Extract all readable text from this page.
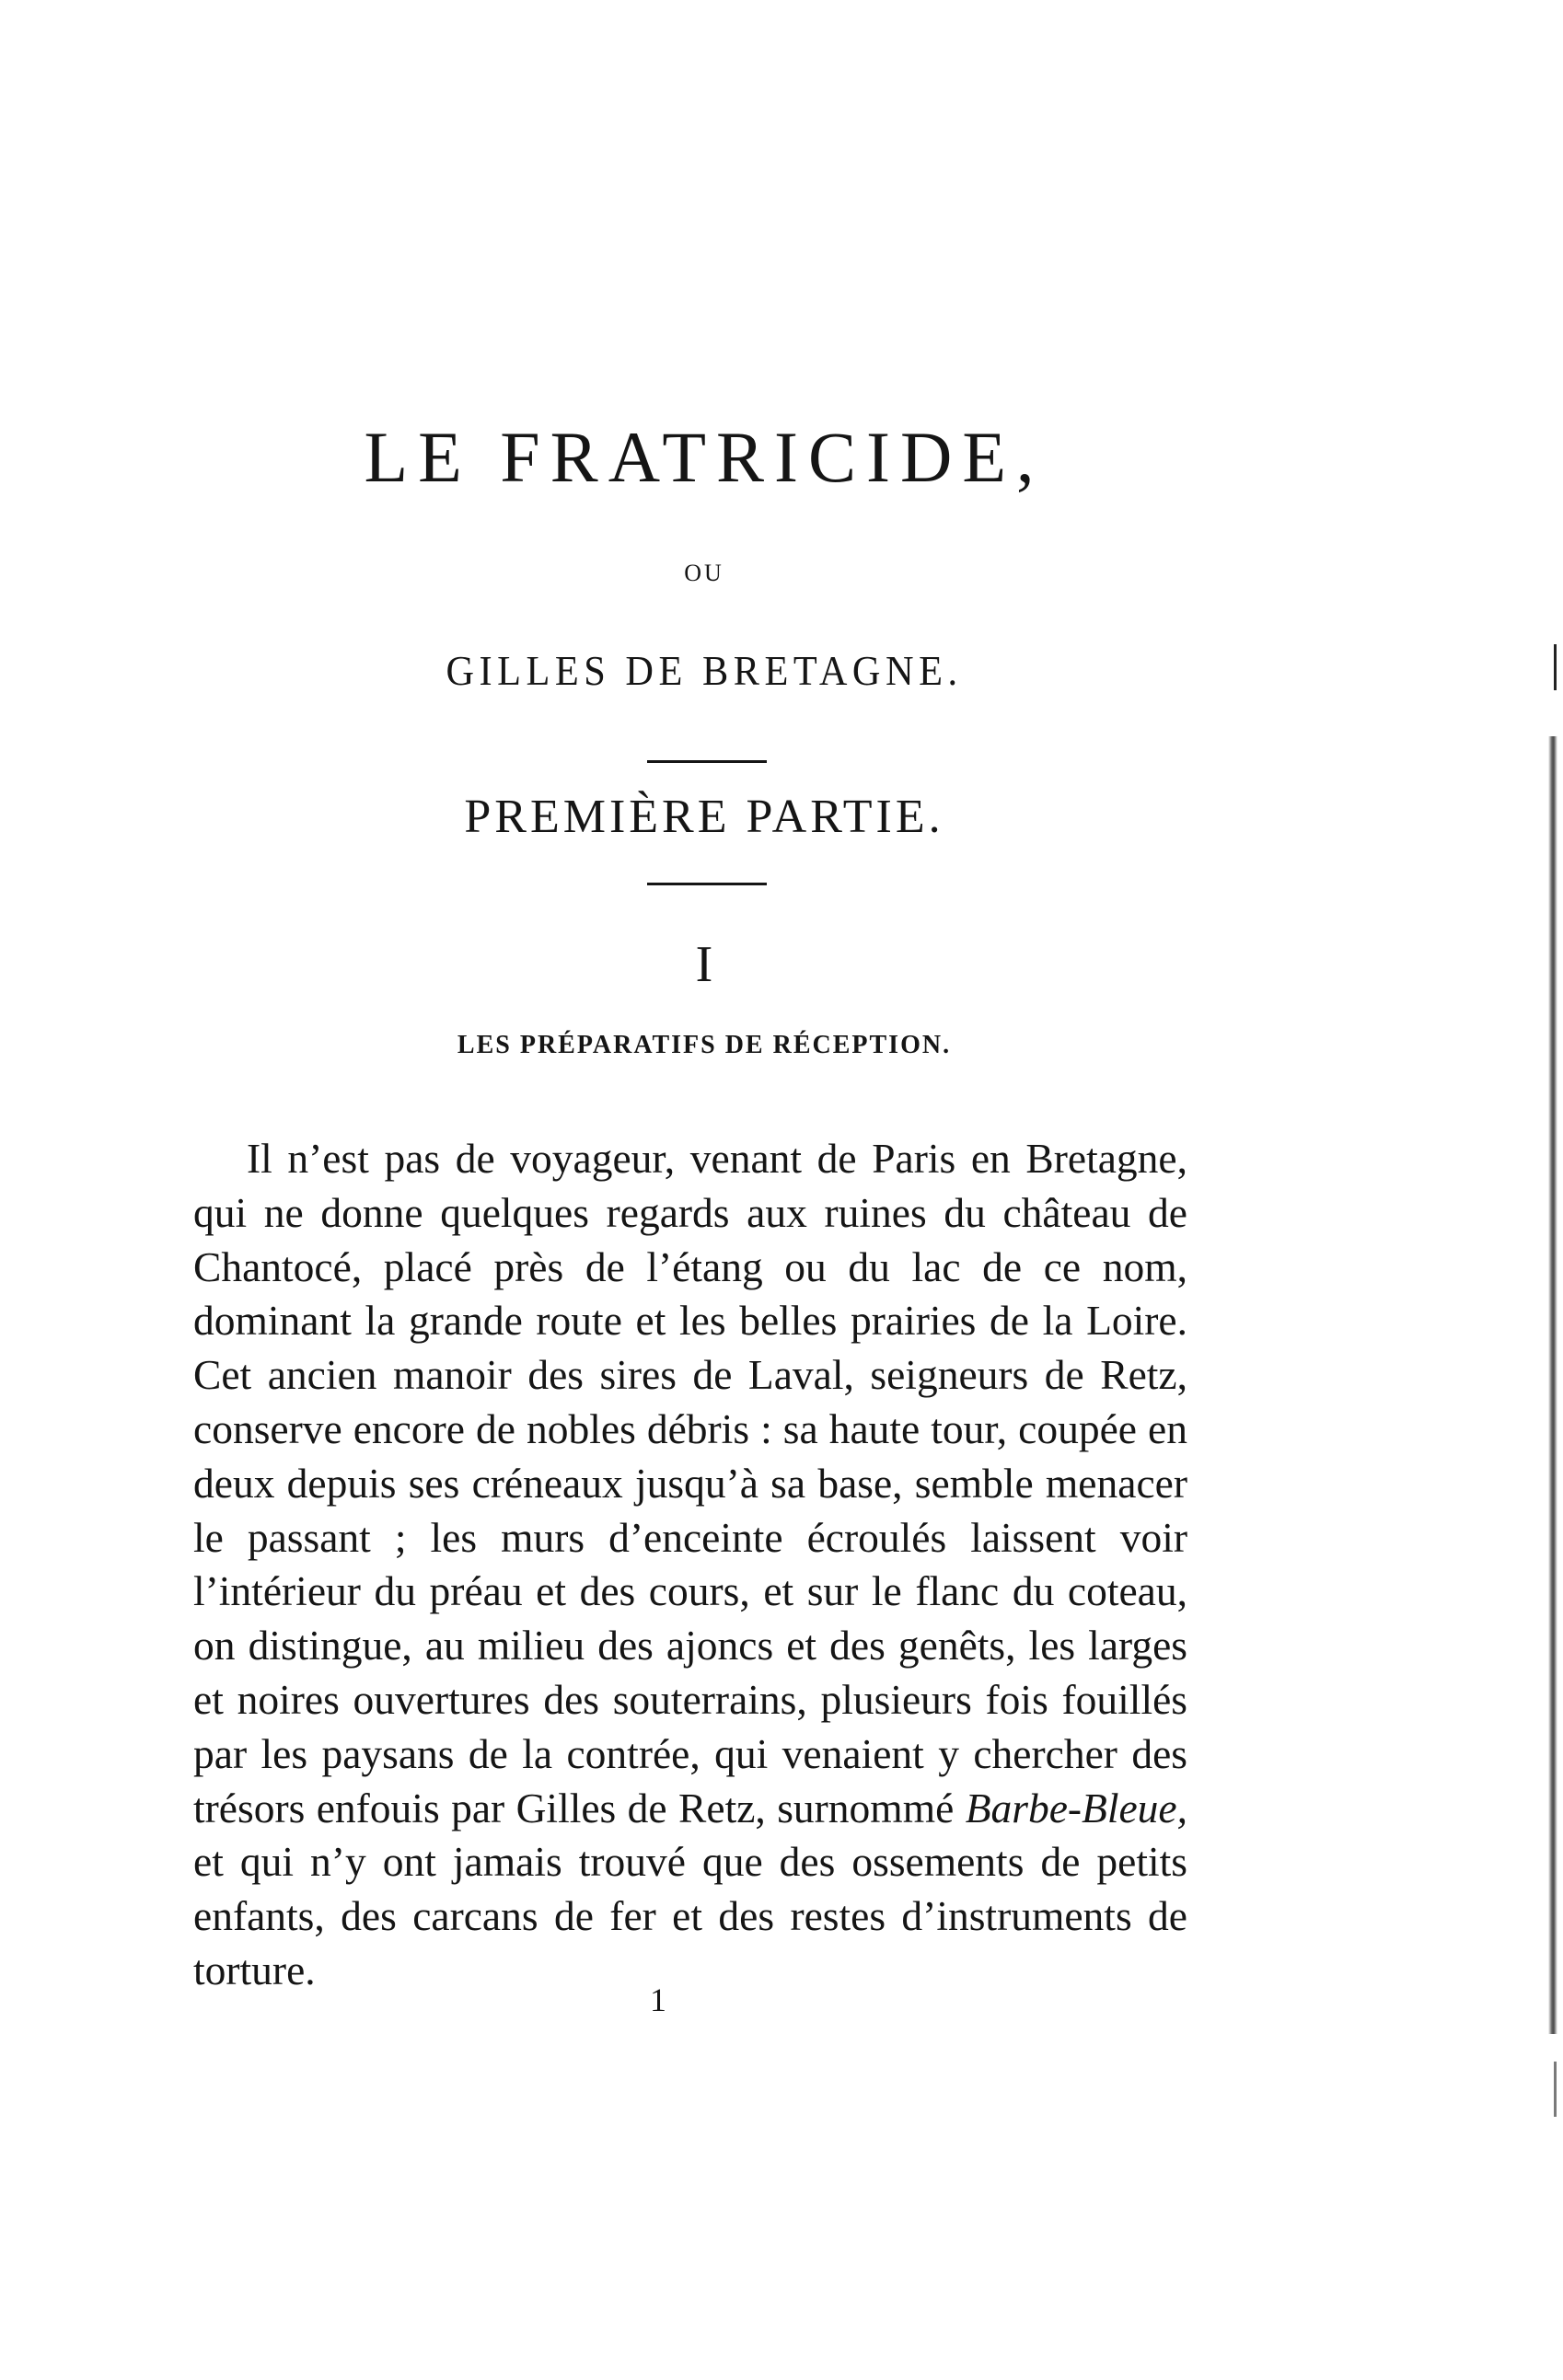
LE FRATRICIDE,
OU
GILLES DE BRETAGNE.
PREMIÈRE PARTIE.
I
LES PRÉPARATIFS DE RÉCEPTION.

Il n’est pas de voyageur, venant de Paris en Bretagne, qui ne donne quelques regards aux ruines du château de Chantocé, placé près de l’étang ou du lac de ce nom, dominant la grande route et les belles prairies de la Loire. Cet ancien manoir des sires de Laval, seigneurs de Retz, conserve encore de nobles débris : sa haute tour, coupée en deux depuis ses créneaux jusqu’à sa base, semble menacer le passant ; les murs d’enceinte écroulés laissent voir l’intérieur du préau et des cours, et sur le flanc du coteau, on distingue, au milieu des ajoncs et des genêts, les larges et noires ouvertures des souterrains, plusieurs fois fouillés par les paysans de la contrée, qui venaient y chercher des trésors enfouis par Gilles de Retz, surnommé Barbe-Bleue, et qui n’y ont jamais trouvé que des ossements de petits enfants, des carcans de fer et des restes d’instruments de torture.

1
